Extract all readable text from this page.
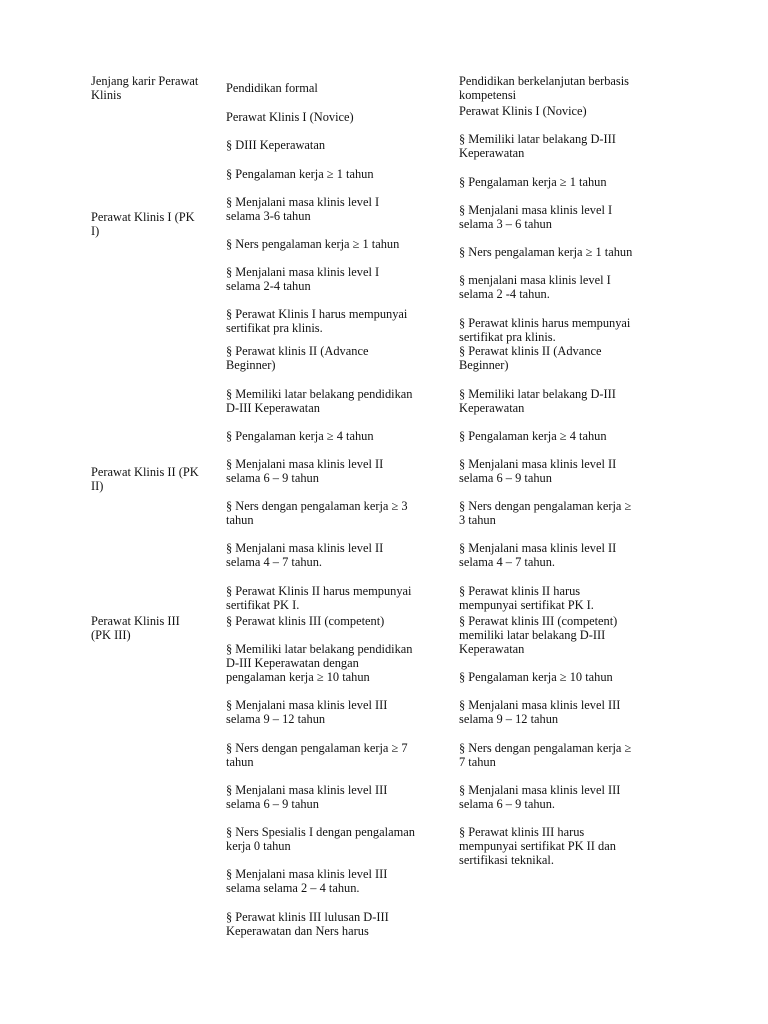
Jenjang karir Perawat
Klinis
Perawat Klinis I (PK
I)
Perawat Klinis II (PK
II)
Perawat Klinis III
(PK III)
Pendidikan formal
Perawat Klinis I (Novice)
§ DIII Keperawatan
§ Pengalaman kerja ≥ 1 tahun
§ Menjalani masa klinis level I
selama 3-6 tahun
§ Ners pengalaman kerja ≥ 1 tahun
§ Menjalani masa klinis level I
selama 2-4 tahun
§ Perawat Klinis I harus mempunyai
sertifikat pra klinis.
§ Perawat klinis II (Advance
Beginner)
§ Memiliki latar belakang pendidikan
D-III Keperawatan
§ Pengalaman kerja ≥ 4 tahun
§ Menjalani masa klinis level II
selama 6 – 9 tahun
§ Ners dengan pengalaman kerja ≥ 3
tahun
§ Menjalani masa klinis level II
selama 4 – 7 tahun.
§ Perawat Klinis II harus mempunyai
sertifikat PK I.
§ Perawat klinis III (competent)
§ Memiliki latar belakang pendidikan
D-III Keperawatan dengan
pengalaman kerja ≥ 10 tahun
§ Menjalani masa klinis level III
selama 9 – 12 tahun
§ Ners dengan pengalaman kerja ≥ 7
tahun
§ Menjalani masa klinis level III
selama 6 – 9 tahun
§ Ners Spesialis I dengan pengalaman
kerja 0 tahun
§ Menjalani masa klinis level III
selama selama 2 – 4 tahun.
§ Perawat klinis III lulusan D-III
Keperawatan dan Ners harus
Pendidikan berkelanjutan berbasis
kompetensi
Perawat Klinis I (Novice)
§ Memiliki latar belakang D-III
Keperawatan
§ Pengalaman kerja ≥ 1 tahun
§ Menjalani masa klinis level I
selama 3 – 6 tahun
§ Ners pengalaman kerja ≥ 1 tahun
§ menjalani masa klinis level I
selama 2 -4 tahun.
§ Perawat klinis harus mempunyai
sertifikat pra klinis.
§ Perawat klinis II (Advance
Beginner)
§ Memiliki latar belakang D-III
Keperawatan
§ Pengalaman kerja ≥ 4 tahun
§ Menjalani masa klinis level II
selama 6 – 9 tahun
§ Ners dengan pengalaman kerja ≥
3 tahun
§ Menjalani masa klinis level II
selama 4 – 7 tahun.
§ Perawat klinis II harus
mempunyai sertifikat PK I.
§ Perawat klinis III (competent)
memiliki latar belakang D-III
Keperawatan
§ Pengalaman kerja ≥ 10 tahun
§ Menjalani masa klinis level III
selama 9 – 12 tahun
§ Ners dengan pengalaman kerja ≥
7 tahun
§ Menjalani masa klinis level III
selama 6 – 9 tahun.
§ Perawat klinis III harus
mempunyai sertifikat PK II dan
sertifikasi teknikal.
